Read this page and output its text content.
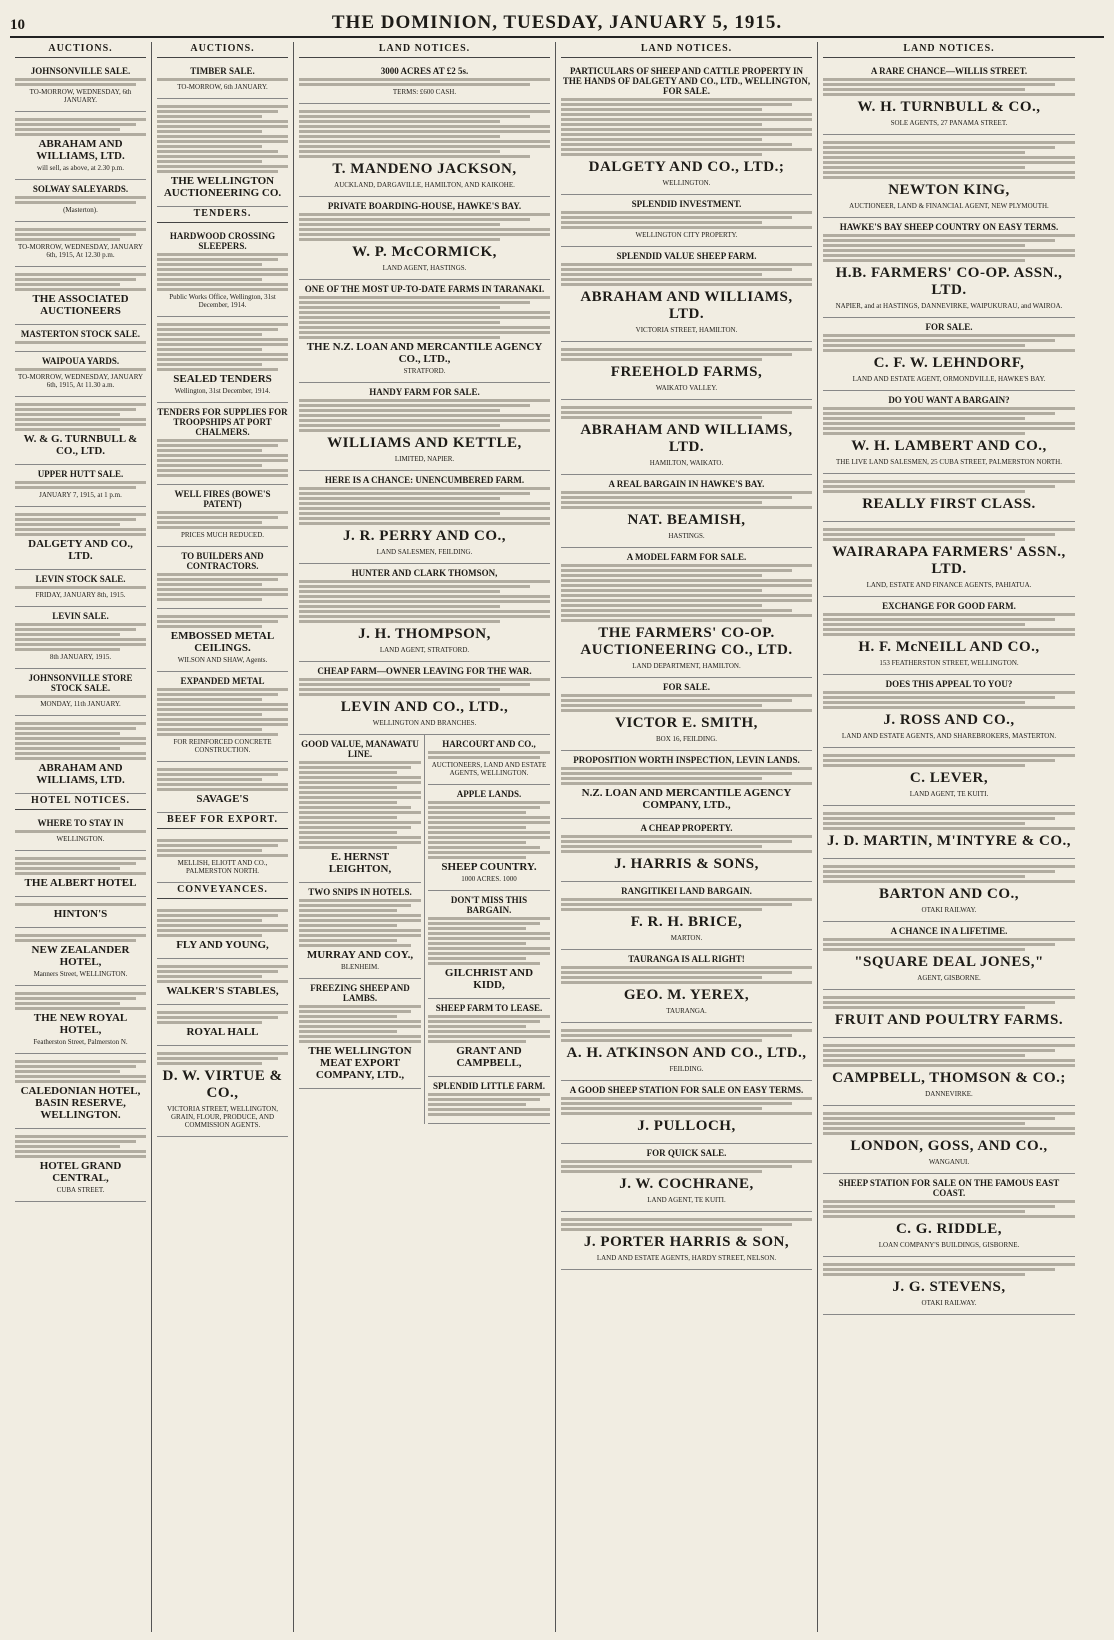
10	THE DOMINION, TUESDAY, JANUARY 5, 1915.
AUCTIONS.
JOHNSONVILLE SALE.
TO-MORROW, WEDNESDAY, 6th JANUARY.
ABRAHAM AND WILLIAMS, LTD.
will sell, as above, at 2.30 p.m.
SOLWAY SALEYARDS.
(Masterton).
TO-MORROW, WEDNESDAY, JANUARY 6th, 1915, At 12.30 p.m.
THE ASSOCIATED AUCTIONEERS
MASTERTON STOCK SALE.
WAIPOUA YARDS.
TO-MORROW, WEDNESDAY, JANUARY 6th, 1915, At 11.30 a.m.
W. & G. TURNBULL & CO., LTD.
UPPER HUTT SALE.
JANUARY 7, 1915, at 1 p.m.
DALGETY AND CO., LTD.
LEVIN STOCK SALE.
FRIDAY, JANUARY 8th, 1915.
LEVIN SALE.
8th JANUARY, 1915.
JOHNSONVILLE STORE STOCK SALE.
MONDAY, 11th JANUARY.
ABRAHAM AND WILLIAMS, LTD.
HOTEL NOTICES.
WHERE TO STAY IN
WELLINGTON.
THE ALBERT HOTEL
HINTON'S
NEW ZEALANDER HOTEL,
Manners Street, WELLINGTON.
THE NEW ROYAL HOTEL,
Featherston Street, Palmerston N.
CALEDONIAN HOTEL, BASIN RESERVE, WELLINGTON.
HOTEL GRAND CENTRAL,
CUBA STREET.
AUCTIONS.
TIMBER SALE.
TO-MORROW, 6th JANUARY.
THE WELLINGTON AUCTIONEERING CO.
TENDERS.
HARDWOOD CROSSING SLEEPERS.
Public Works Office, Wellington, 31st December, 1914.
SEALED TENDERS
Wellington, 31st December, 1914.
TENDERS FOR SUPPLIES FOR TROOPSHIPS AT PORT CHALMERS.
WELL FIRES (BOWE'S PATENT)
PRICES MUCH REDUCED.
TO BUILDERS AND CONTRACTORS.
EMBOSSED METAL CEILINGS.
WILSON AND SHAW, Agents.
EXPANDED METAL
FOR REINFORCED CONCRETE CONSTRUCTION.
SAVAGE'S
BEEF FOR EXPORT.
MELLISH, ELIOTT AND CO., PALMERSTON NORTH.
CONVEYANCES.
FLY AND YOUNG,
WALKER'S STABLES,
ROYAL HALL
D. W. VIRTUE & CO.,
VICTORIA STREET, WELLINGTON, GRAIN, FLOUR, PRODUCE, AND COMMISSION AGENTS.
LAND NOTICES.
3000 ACRES AT £2 5s.
TERMS: £600 CASH.
T. MANDENO JACKSON,
AUCKLAND, DARGAVILLE, HAMILTON, AND KAIKOHE.
PRIVATE BOARDING-HOUSE, HAWKE'S BAY.
W. P. McCORMICK,
LAND AGENT, HASTINGS.
ONE OF THE MOST UP-TO-DATE FARMS IN TARANAKI.
THE N.Z. LOAN AND MERCANTILE AGENCY CO., LTD.,
STRATFORD.
HANDY FARM FOR SALE.
WILLIAMS AND KETTLE,
LIMITED, NAPIER.
HERE IS A CHANCE: UNENCUMBERED FARM.
J. R. PERRY AND CO.,
LAND SALESMEN, FEILDING.
HUNTER AND CLARK THOMSON,
J. H. THOMPSON,
LAND AGENT, STRATFORD.
CHEAP FARM—OWNER LEAVING FOR THE WAR.
LEVIN AND CO., LTD.,
WELLINGTON AND BRANCHES.
GOOD VALUE, MANAWATU LINE.
E. HERNST LEIGHTON,
TWO SNIPS IN HOTELS.
MURRAY AND COY.,
BLENHEIM.
FREEZING SHEEP AND LAMBS.
THE WELLINGTON MEAT EXPORT COMPANY, LTD.,
HARCOURT AND CO.,
AUCTIONEERS, LAND AND ESTATE AGENTS, WELLINGTON.
APPLE LANDS.
SHEEP COUNTRY.
1000 ACRES. 1000
DON'T MISS THIS BARGAIN.
GILCHRIST AND KIDD,
SHEEP FARM TO LEASE.
GRANT AND CAMPBELL,
SPLENDID LITTLE FARM.
LAND NOTICES.
PARTICULARS OF SHEEP AND CATTLE PROPERTY IN THE HANDS OF DALGETY AND CO., LTD., WELLINGTON, FOR SALE.
DALGETY AND CO., LTD.;
WELLINGTON.
SPLENDID INVESTMENT.
WELLINGTON CITY PROPERTY.
SPLENDID VALUE SHEEP FARM.
ABRAHAM AND WILLIAMS, LTD.
VICTORIA STREET, HAMILTON.
FREEHOLD FARMS,
WAIKATO VALLEY.
ABRAHAM AND WILLIAMS, LTD.
HAMILTON, WAIKATO.
A REAL BARGAIN IN HAWKE'S BAY.
NAT. BEAMISH,
HASTINGS.
A MODEL FARM FOR SALE.
THE FARMERS' CO-OP. AUCTIONEERING CO., LTD.
LAND DEPARTMENT, HAMILTON.
FOR SALE.
VICTOR E. SMITH,
BOX 16, FEILDING.
PROPOSITION WORTH INSPECTION, LEVIN LANDS.
N.Z. LOAN AND MERCANTILE AGENCY COMPANY, LTD.,
A CHEAP PROPERTY.
J. HARRIS & SONS,
RANGITIKEI LAND BARGAIN.
F. R. H. BRICE,
MARTON.
TAURANGA IS ALL RIGHT!
GEO. M. YEREX,
TAURANGA.
A. H. ATKINSON AND CO., LTD.,
FEILDING.
A GOOD SHEEP STATION FOR SALE ON EASY TERMS.
J. PULLOCH,
FOR QUICK SALE.
J. W. COCHRANE,
LAND AGENT, TE KUITI.
J. PORTER HARRIS & SON,
LAND AND ESTATE AGENTS, HARDY STREET, NELSON.
LAND NOTICES.
A RARE CHANCE—WILLIS STREET.
W. H. TURNBULL & CO.,
SOLE AGENTS, 27 PANAMA STREET.
NEWTON KING,
AUCTIONEER, LAND & FINANCIAL AGENT, NEW PLYMOUTH.
HAWKE'S BAY SHEEP COUNTRY ON EASY TERMS.
H.B. FARMERS' CO-OP. ASSN., LTD.
NAPIER, and at HASTINGS, DANNEVIRKE, WAIPUKURAU, and WAIROA.
FOR SALE.
C. F. W. LEHNDORF,
LAND AND ESTATE AGENT, ORMONDVILLE, HAWKE'S BAY.
DO YOU WANT A BARGAIN?
W. H. LAMBERT AND CO.,
THE LIVE LAND SALESMEN, 25 CUBA STREET, PALMERSTON NORTH.
REALLY FIRST CLASS.
WAIRARAPA FARMERS' ASSN., LTD.
LAND, ESTATE AND FINANCE AGENTS, PAHIATUA.
EXCHANGE FOR GOOD FARM.
H. F. McNEILL AND CO.,
153 FEATHERSTON STREET, WELLINGTON.
DOES THIS APPEAL TO YOU?
J. ROSS AND CO.,
LAND AND ESTATE AGENTS, AND SHAREBROKERS, MASTERTON.
C. LEVER,
LAND AGENT, TE KUITI.
J. D. MARTIN, M'INTYRE & CO.,
BARTON AND CO.,
OTAKI RAILWAY.
A CHANCE IN A LIFETIME.
"SQUARE DEAL JONES,"
AGENT, GISBORNE.
FRUIT AND POULTRY FARMS.
CAMPBELL, THOMSON & CO.;
DANNEVIRKE.
LONDON, GOSS, AND CO.,
WANGANUI.
SHEEP STATION FOR SALE ON THE FAMOUS EAST COAST.
C. G. RIDDLE,
LOAN COMPANY'S BUILDINGS, GISBORNE.
J. G. STEVENS,
OTAKI RAILWAY.
